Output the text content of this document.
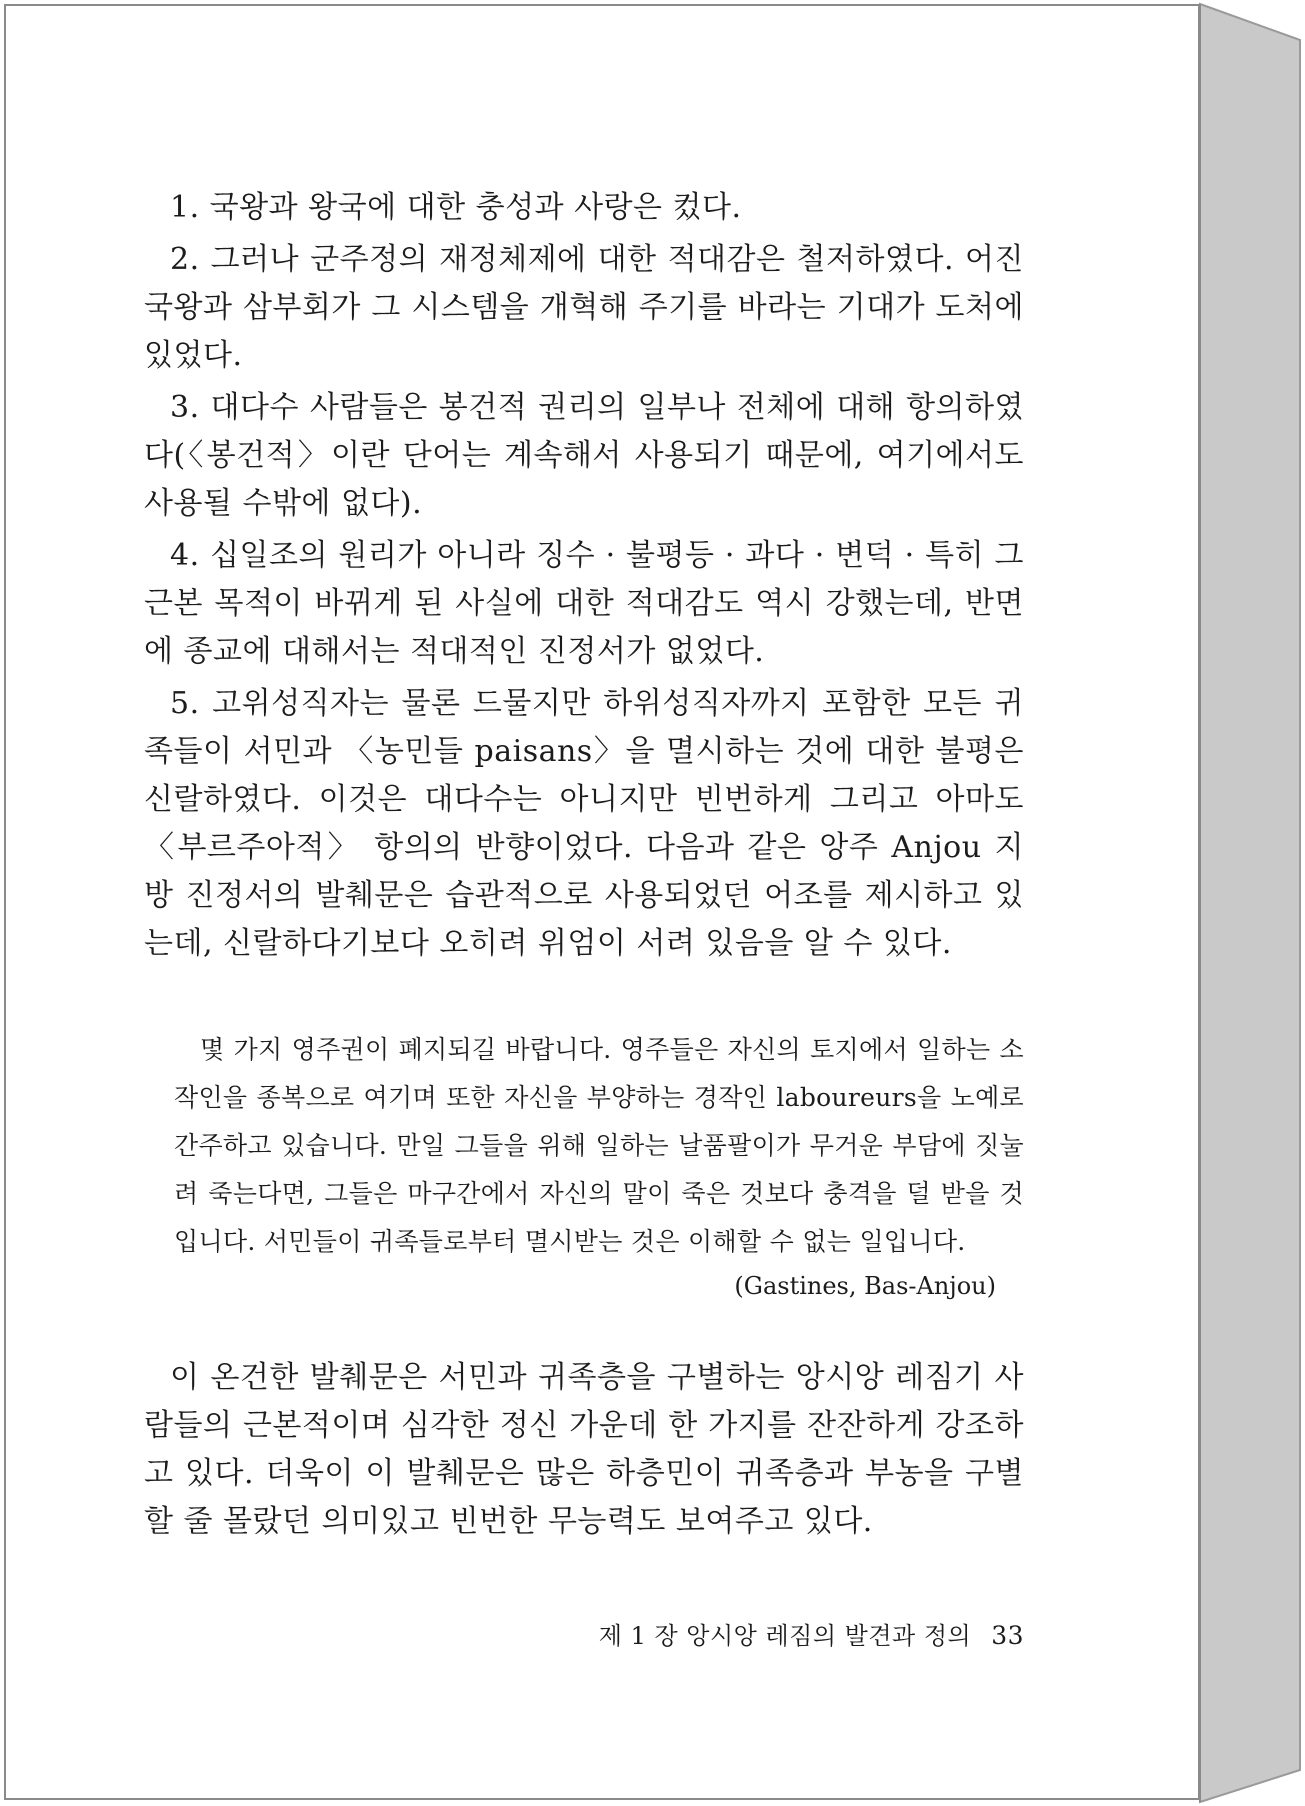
1. 국왕과 왕국에 대한 충성과 사랑은 컸다.

2. 그러나 군주정의 재정체제에 대한 적대감은 철저하였다. 어진 국왕과 삼부회가 그 시스템을 개혁해 주기를 바라는 기대가 도처에 있었다.

3. 대다수 사람들은 봉건적 권리의 일부나 전체에 대해 항의하였다(〈봉건적〉이란 단어는 계속해서 사용되기 때문에, 여기에서도 사용될 수밖에 없다).

4. 십일조의 원리가 아니라 징수 · 불평등 · 과다 · 변덕 · 특히 그 근본 목적이 바뀌게 된 사실에 대한 적대감도 역시 강했는데, 반면에 종교에 대해서는 적대적인 진정서가 없었다.

5. 고위성직자는 물론 드물지만 하위성직자까지 포함한 모든 귀족들이 서민과 〈농민들 paisans〉을 멸시하는 것에 대한 불평은 신랄하였다. 이것은 대다수는 아니지만 빈번하게 그리고 아마도 〈부르주아적〉 항의의 반향이었다. 다음과 같은 앙주 Anjou 지방 진정서의 발췌문은 습관적으로 사용되었던 어조를 제시하고 있는데, 신랄하다기보다 오히려 위엄이 서려 있음을 알 수 있다.

몇 가지 영주권이 폐지되길 바랍니다. 영주들은 자신의 토지에서 일하는 소작인을 종복으로 여기며 또한 자신을 부양하는 경작인 laboureurs을 노예로 간주하고 있습니다. 만일 그들을 위해 일하는 날품팔이가 무거운 부담에 짓눌려 죽는다면, 그들은 마구간에서 자신의 말이 죽은 것보다 충격을 덜 받을 것입니다. 서민들이 귀족들로부터 멸시받는 것은 이해할 수 없는 일입니다.
(Gastines, Bas-Anjou)

이 온건한 발췌문은 서민과 귀족층을 구별하는 앙시앙 레짐기 사람들의 근본적이며 심각한 정신 가운데 한 가지를 잔잔하게 강조하고 있다. 더욱이 이 발췌문은 많은 하층민이 귀족층과 부농을 구별할 줄 몰랐던 의미있고 빈번한 무능력도 보여주고 있다.

제 1 장 앙시앙 레짐의 발견과 정의 33
